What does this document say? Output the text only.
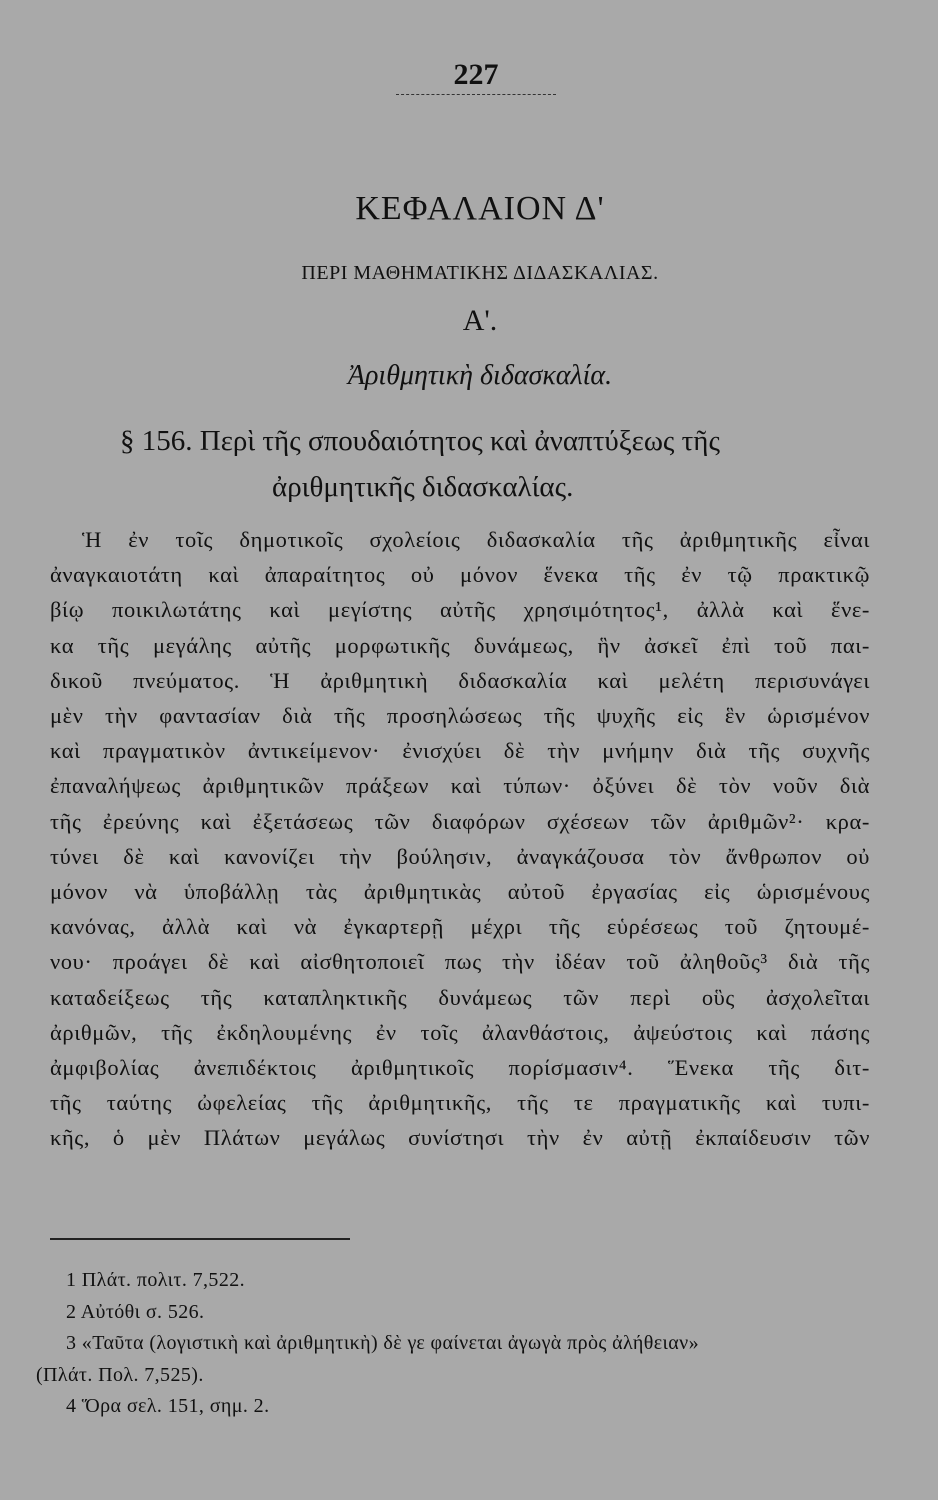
227
ΚΕΦΑΛΑΙΟΝ Δ'
ΠΕΡΙ ΜΑΘΗΜΑΤΙΚΗΣ ΔΙΔΑΣΚΑΛΙΑΣ.
Α'.
Ἀριθμητικὴ διδασκαλία.
§ 156. Περὶ τῆς σπουδαιότητος καὶ ἀναπτύξεως τῆς
ἀριθμητικῆς διδασκαλίας.
Ἡ ἐν τοῖς δημοτικοῖς σχολείοις διδασκαλία τῆς ἀριθμητικῆς εἶναι
ἀναγκαιοτάτη καὶ ἀπαραίτητος οὐ μόνον ἕνεκα τῆς ἐν τῷ πρακτικῷ
βίῳ ποικιλωτάτης καὶ μεγίστης αὐτῆς χρησιμότητος¹, ἀλλὰ καὶ ἕνε-
κα τῆς μεγάλης αὐτῆς μορφωτικῆς δυνάμεως, ἣν ἀσκεῖ ἐπὶ τοῦ παι-
δικοῦ πνεύματος. Ἡ ἀριθμητικὴ διδασκαλία καὶ μελέτη περισυνάγει
μὲν τὴν φαντασίαν διὰ τῆς προσηλώσεως τῆς ψυχῆς εἰς ἓν ὡρισμένον
καὶ πραγματικὸν ἀντικείμενον· ἐνισχύει δὲ τὴν μνήμην διὰ τῆς συχνῆς
ἐπαναλήψεως ἀριθμητικῶν πράξεων καὶ τύπων· ὀξύνει δὲ τὸν νοῦν διὰ
τῆς ἐρεύνης καὶ ἐξετάσεως τῶν διαφόρων σχέσεων τῶν ἀριθμῶν²· κρα-
τύνει δὲ καὶ κανονίζει τὴν βούλησιν, ἀναγκάζουσα τὸν ἄνθρωπον οὐ
μόνον νὰ ὑποβάλλῃ τὰς ἀριθμητικὰς αὐτοῦ ἐργασίας εἰς ὡρισμένους
κανόνας, ἀλλὰ καὶ νὰ ἐγκαρτερῇ μέχρι τῆς εὑρέσεως τοῦ ζητουμέ-
νου· προάγει δὲ καὶ αἰσθητοποιεῖ πως τὴν ἰδέαν τοῦ ἀληθοῦς³ διὰ τῆς
καταδείξεως τῆς καταπληκτικῆς δυνάμεως τῶν περὶ οὓς ἀσχολεῖται
ἀριθμῶν, τῆς ἐκδηλουμένης ἐν τοῖς ἀλανθάστοις, ἀψεύστοις καὶ πάσης
ἀμφιβολίας ἀνεπιδέκτοις ἀριθμητικοῖς πορίσμασιν⁴. Ἕνεκα τῆς διτ-
τῆς ταύτης ὠφελείας τῆς ἀριθμητικῆς, τῆς τε πραγματικῆς καὶ τυπι-
κῆς, ὁ μὲν Πλάτων μεγάλως συνίστησι τὴν ἐν αὐτῇ ἐκπαίδευσιν τῶν
1 Πλάτ. πολιτ. 7,522.
2 Αὐτόθι σ. 526.
3 «Ταῦτα (λογιστικὴ καὶ ἀριθμητικὴ) δὲ γε φαίνεται ἀγωγὰ πρὸς ἀλήθειαν»
(Πλάτ. Πολ. 7,525).
4 Ὅρα σελ. 151, σημ. 2.
